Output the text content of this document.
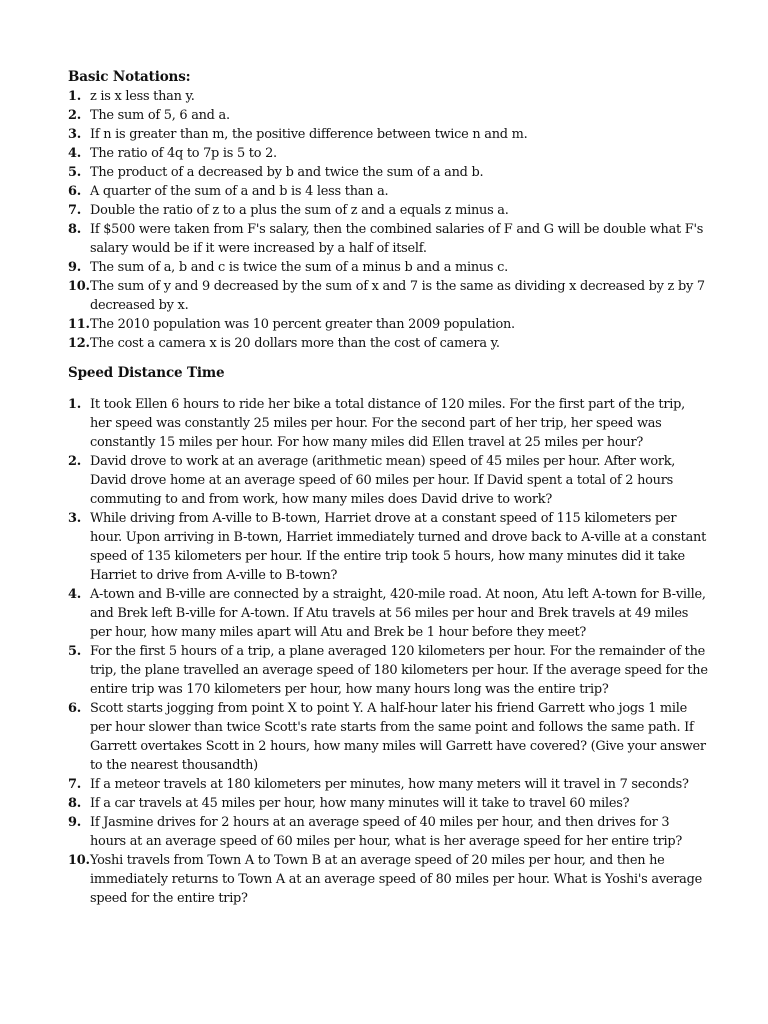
Basic Notations:
1. z is x less than y.
2. The sum of 5, 6 and a.
3. If n is greater than m, the positive difference between twice n and m.
4. The ratio of 4q to 7p is 5 to 2.
5. The product of a decreased by b and twice the sum of a and b.
6. A quarter of the sum of a and b is 4 less than a.
7. Double the ratio of z to a plus the sum of z and a equals z minus a.
8. If $500 were taken from F's salary, then the combined salaries of F and G will be double what F's salary would be if it were increased by a half of itself.
9. The sum of a, b and c is twice the sum of a minus b and a minus c.
10. The sum of y and 9 decreased by the sum of x and 7 is the same as dividing x decreased by z by 7 decreased by x.
11. The 2010 population was 10 percent greater than 2009 population.
12. The cost a camera x is 20 dollars more than the cost of camera y.
Speed Distance Time
1. It took Ellen 6 hours to ride her bike a total distance of 120 miles. For the first part of the trip, her speed was constantly 25 miles per hour. For the second part of her trip, her speed was constantly 15 miles per hour. For how many miles did Ellen travel at 25 miles per hour?
2. David drove to work at an average (arithmetic mean) speed of 45 miles per hour. After work, David drove home at an average speed of 60 miles per hour. If David spent a total of 2 hours commuting to and from work, how many miles does David drive to work?
3. While driving from A-ville to B-town, Harriet drove at a constant speed of 115 kilometers per hour. Upon arriving in B-town, Harriet immediately turned and drove back to A-ville at a constant speed of 135 kilometers per hour. If the entire trip took 5 hours, how many minutes did it take Harriet to drive from A-ville to B-town?
4. A-town and B-ville are connected by a straight, 420-mile road. At noon, Atu left A-town for B-ville, and Brek left B-ville for A-town. If Atu travels at 56 miles per hour and Brek travels at 49 miles per hour, how many miles apart will Atu and Brek be 1 hour before they meet?
5. For the first 5 hours of a trip, a plane averaged 120 kilometers per hour. For the remainder of the trip, the plane travelled an average speed of 180 kilometers per hour. If the average speed for the entire trip was 170 kilometers per hour, how many hours long was the entire trip?
6. Scott starts jogging from point X to point Y. A half-hour later his friend Garrett who jogs 1 mile per hour slower than twice Scott's rate starts from the same point and follows the same path. If Garrett overtakes Scott in 2 hours, how many miles will Garrett have covered? (Give your answer to the nearest thousandth)
7. If a meteor travels at 180 kilometers per minutes, how many meters will it travel in 7 seconds?
8. If a car travels at 45 miles per hour, how many minutes will it take to travel 60 miles?
9. If Jasmine drives for 2 hours at an average speed of 40 miles per hour, and then drives for 3 hours at an average speed of 60 miles per hour, what is her average speed for her entire trip?
10. Yoshi travels from Town A to Town B at an average speed of 20 miles per hour, and then he immediately returns to Town A at an average speed of 80 miles per hour. What is Yoshi's average speed for the entire trip?
